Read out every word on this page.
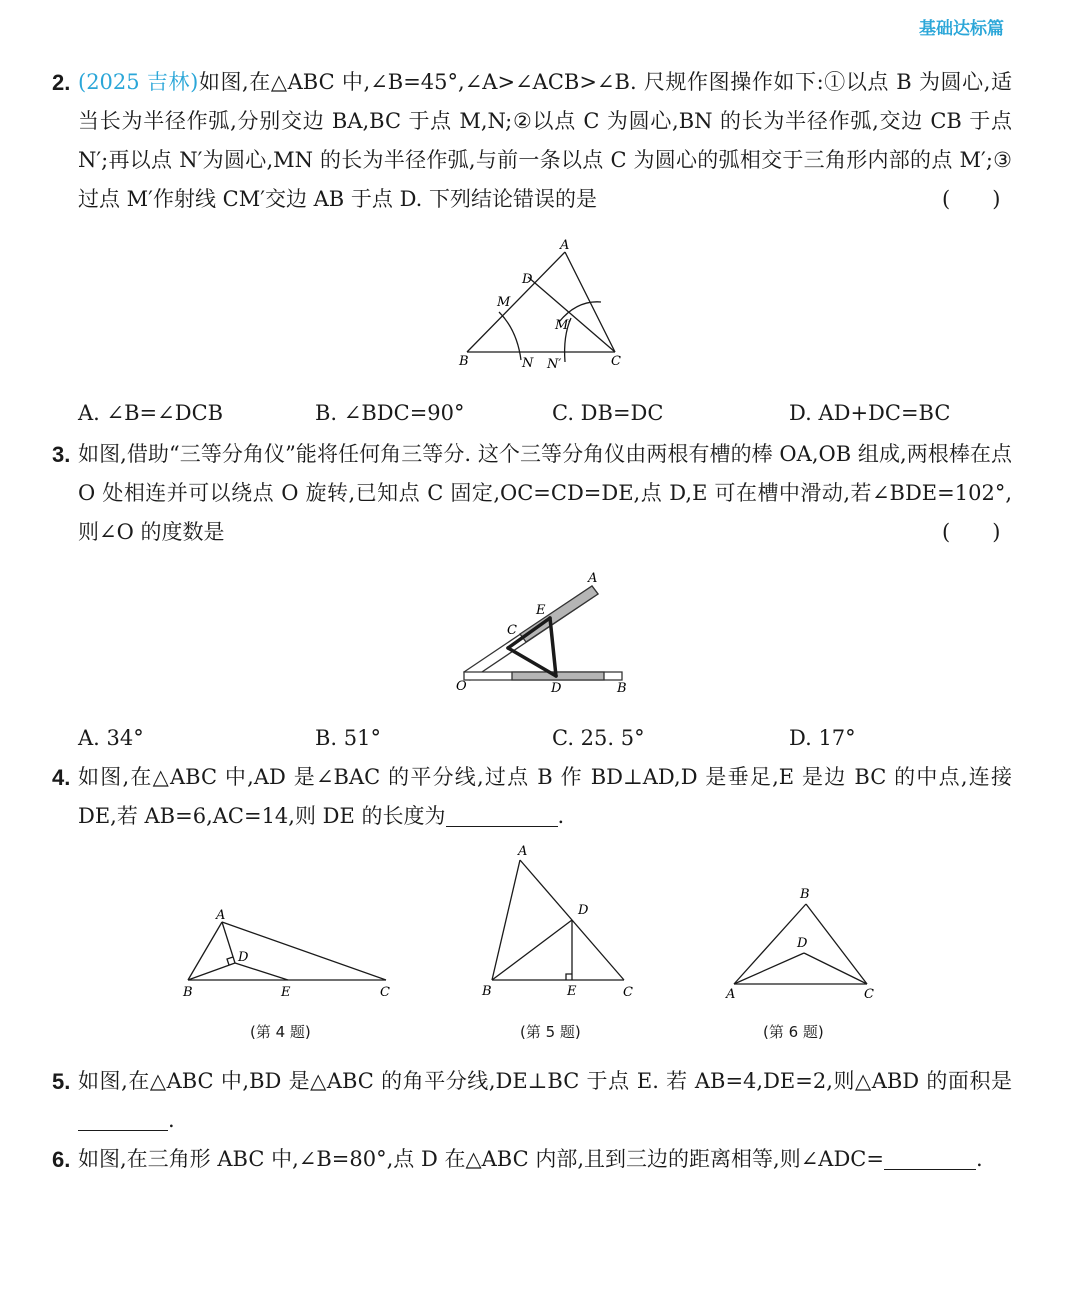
基础达标篇
2. (2025 吉林)如图,在△ABC 中,∠B=45°,∠A>∠ACB>∠B. 尺规作图操作如下:①以点 B 为圆心,适当长为半径作弧,分别交边 BA,BC 于点 M,N;②以点 C 为圆心,BN 的长为半径作弧,交边 CB 于点 N′;再以点 N′为圆心,MN 的长为半径作弧,与前一条以点 C 为圆心的弧相交于三角形内部的点 M′;③过点 M′作射线 CM′交边 AB 于点 D. 下列结论错误的是	(　　)
A
B	C
D
M
N
M′
N′
A. ∠B=∠DCB	B. ∠BDC=90°	C. DB=DC	D. AD+DC=BC
3. 如图,借助“三等分角仪”能将任何角三等分. 这个三等分角仪由两根有槽的棒 OA,OB 组成,两根棒在点 O 处相连并可以绕点 O 旋转,已知点 C 固定,OC=CD=DE,点 D,E 可在槽中滑动,若∠BDE=102°,则∠O 的度数是	(　　)
O
A
B
C
D
E
A. 34°	B. 51°	C. 25. 5°	D. 17°
4. 如图,在△ABC 中,AD 是∠BAC 的平分线,过点 B 作 BD⊥AD,D 是垂足,E 是边 BC 的中点,连接 DE,若 AB=6,AC=14,则 DE 的长度为	.
A
B	C
D
E
(第 4 题)
A
B	C
D
E
(第 5 题)
B
A	C
D
(第 6 题)
5. 如图,在△ABC 中,BD 是△ABC 的角平分线,DE⊥BC 于点 E. 若 AB=4,DE=2,则△ABD 的面积是.
6. 如图,在三角形 ABC 中,∠B=80°,点 D 在△ABC 内部,且到三边的距离相等,则∠ADC=	.
